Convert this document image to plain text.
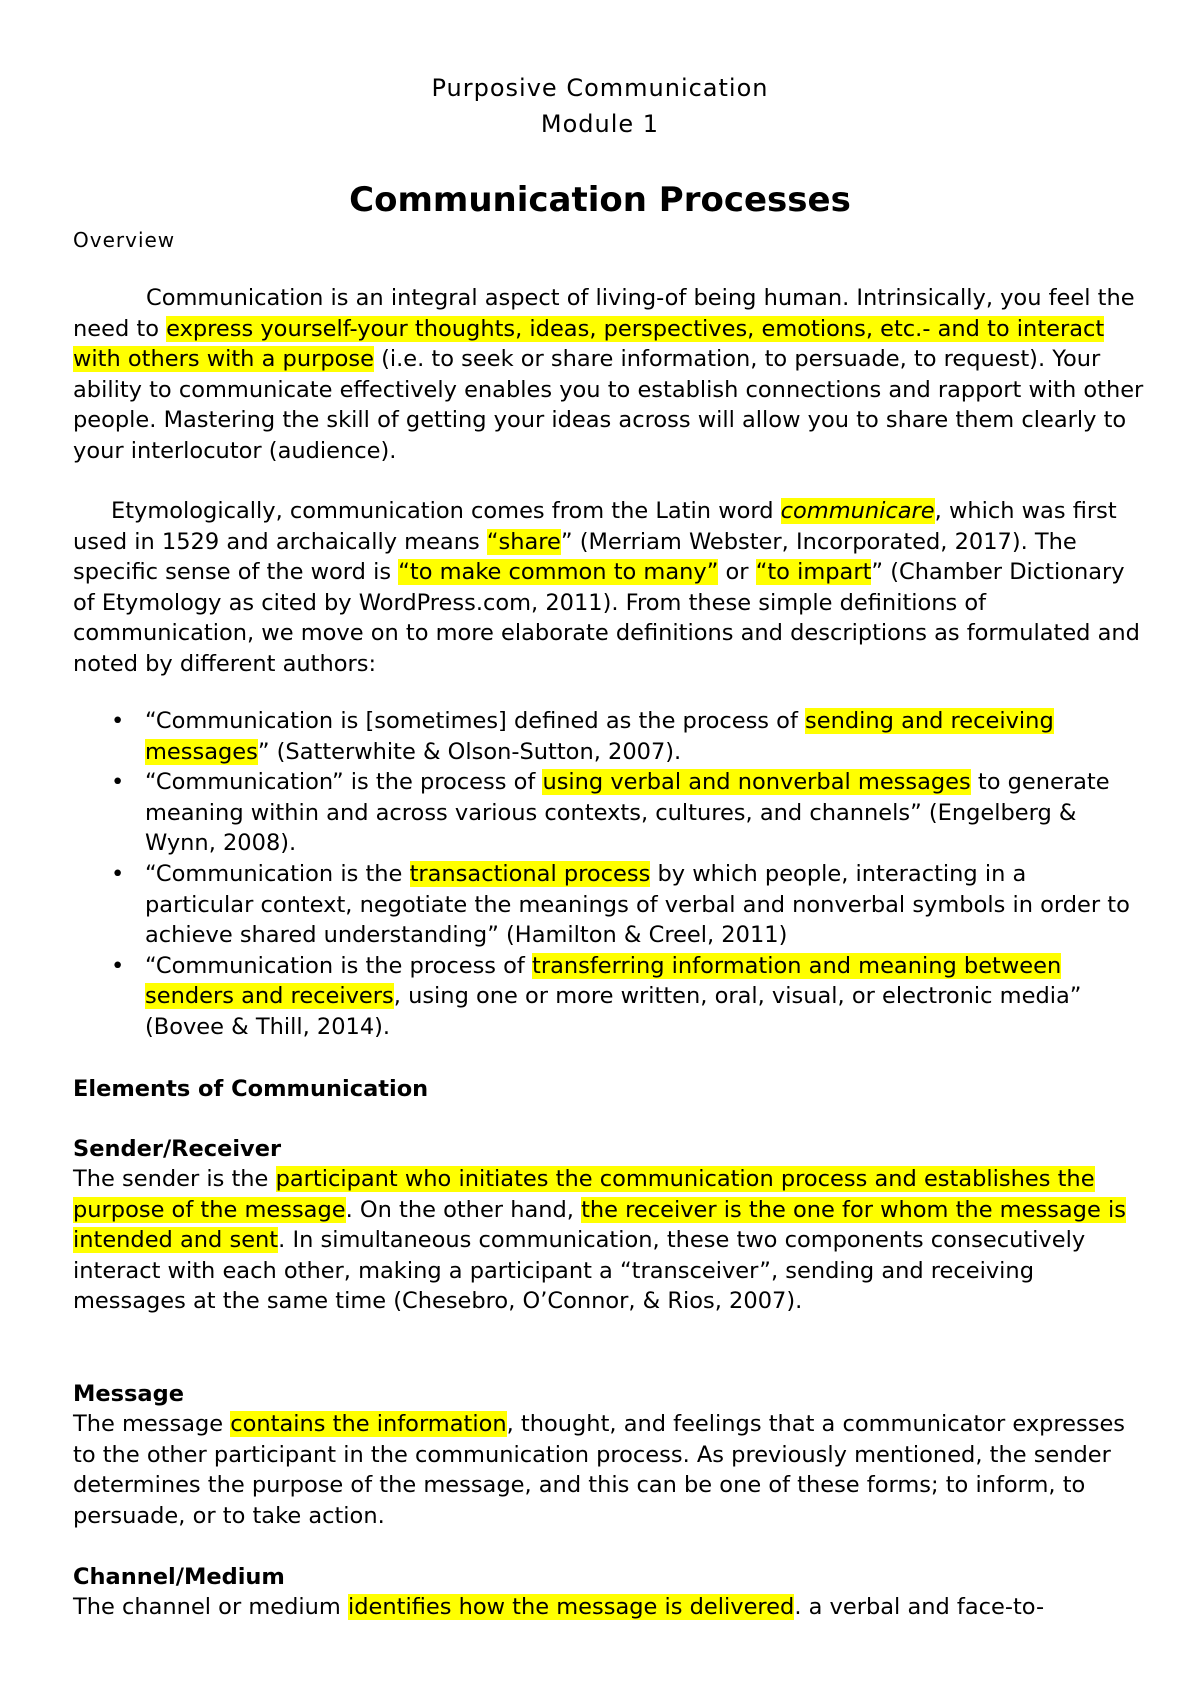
Purposive Communication
Module 1
Communication Processes
Overview

Communication is an integral aspect of living-of being human. Intrinsically, you feel the need to express yourself-your thoughts, ideas, perspectives, emotions, etc.- and to interact with others with a purpose (i.e. to seek or share information, to persuade, to request). Your ability to communicate effectively enables you to establish connections and rapport with other people. Mastering the skill of getting your ideas across will allow you to share them clearly to your interlocutor (audience).

Etymologically, communication comes from the Latin word communicare, which was first used in 1529 and archaically means “share” (Merriam Webster, Incorporated, 2017). The specific sense of the word is “to make common to many” or “to impart” (Chamber Dictionary of Etymology as cited by WordPress.com, 2011). From these simple definitions of communication, we move on to more elaborate definitions and descriptions as formulated and noted by different authors:

• “Communication is [sometimes] defined as the process of sending and receiving messages” (Satterwhite & Olson-Sutton, 2007).
• “Communication” is the process of using verbal and nonverbal messages to generate meaning within and across various contexts, cultures, and channels” (Engelberg & Wynn, 2008).
• “Communication is the transactional process by which people, interacting in a particular context, negotiate the meanings of verbal and nonverbal symbols in order to achieve shared understanding” (Hamilton & Creel, 2011)
• “Communication is the process of transferring information and meaning between senders and receivers, using one or more written, oral, visual, or electronic media” (Bovee & Thill, 2014).
Elements of Communication
Sender/Receiver

The sender is the participant who initiates the communication process and establishes the purpose of the message. On the other hand, the receiver is the one for whom the message is intended and sent. In simultaneous communication, these two components consecutively interact with each other, making a participant a “transceiver”, sending and receiving messages at the same time (Chesebro, O’Connor, & Rios, 2007).

Message

The message contains the information, thought, and feelings that a communicator expresses to the other participant in the communication process. As previously mentioned, the sender determines the purpose of the message, and this can be one of these forms; to inform, to persuade, or to take action.

Channel/Medium

The channel or medium identifies how the message is delivered. a verbal and face-to-
